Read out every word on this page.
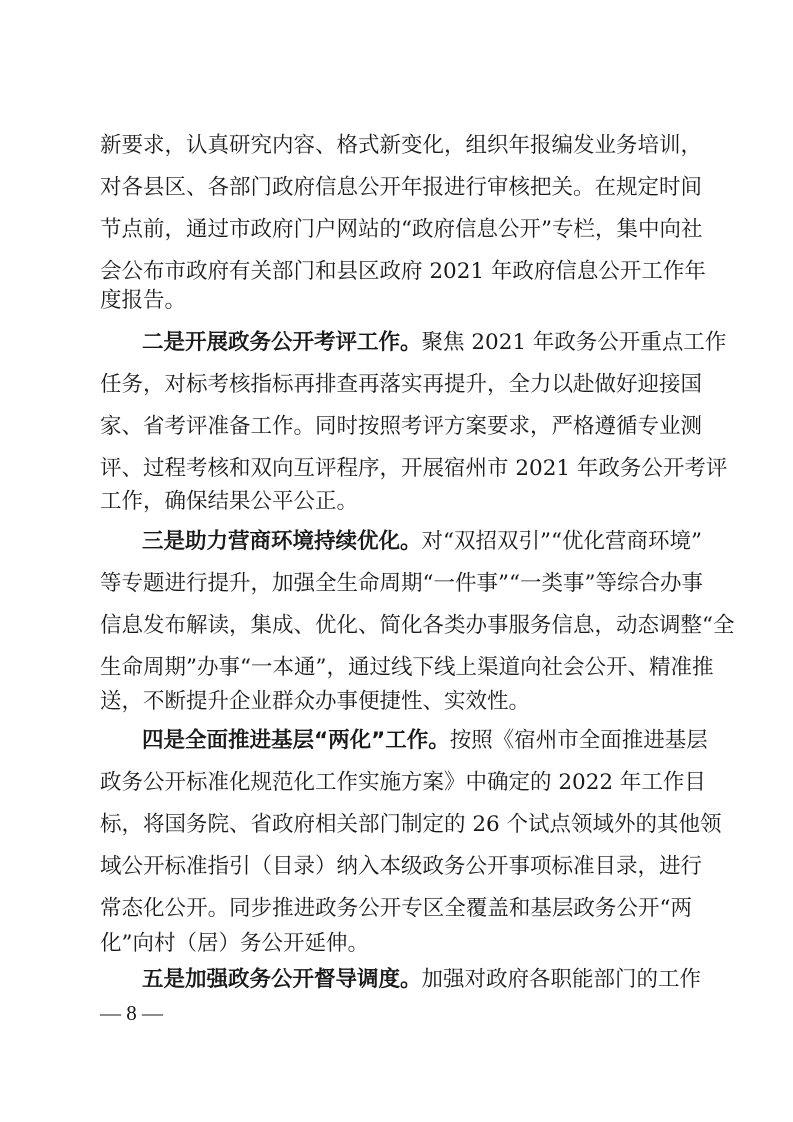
新要求，认真研究内容、格式新变化，组织年报编发业务培训，
对各县区、各部门政府信息公开年报进行审核把关。在规定时间
节点前，通过市政府门户网站的“政府信息公开”专栏，集中向社
会公布市政府有关部门和县区政府 2021 年政府信息公开工作年
度报告。
二是开展政务公开考评工作。聚焦 2021 年政务公开重点工作
任务，对标考核指标再排查再落实再提升，全力以赴做好迎接国
家、省考评准备工作。同时按照考评方案要求，严格遵循专业测
评、过程考核和双向互评程序，开展宿州市 2021 年政务公开考评
工作，确保结果公平公正。
三是助力营商环境持续优化。对“双招双引”“优化营商环境”
等专题进行提升，加强全生命周期“一件事”“一类事”等综合办事
信息发布解读，集成、优化、简化各类办事服务信息，动态调整“全
生命周期”办事“一本通”，通过线下线上渠道向社会公开、精准推
送，不断提升企业群众办事便捷性、实效性。
四是全面推进基层“两化”工作。按照《宿州市全面推进基层
政务公开标准化规范化工作实施方案》中确定的 2022 年工作目
标，将国务院、省政府相关部门制定的 26 个试点领域外的其他领
域公开标准指引（目录）纳入本级政务公开事项标准目录，进行
常态化公开。同步推进政务公开专区全覆盖和基层政务公开“两
化”向村（居）务公开延伸。
五是加强政务公开督导调度。加强对政府各职能部门的工作
— 8 —
